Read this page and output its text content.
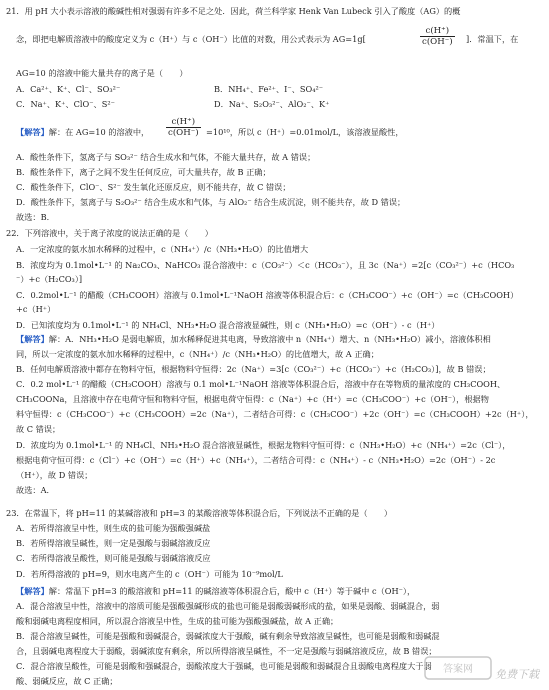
21．用 pH 大小表示溶液的酸碱性相对强弱有许多不足之处．因此，荷兰科学家 Henk Van Lubeck 引入了酸度（AG）的概
念，即把电解质溶液中的酸度定义为 c（H⁺）与 c（OH⁻）比值的对数，用公式表示为 AG=1g[	$\frac{c(H^+)}{c(OH^-)}$ ]．常温下，在
AG=10 的溶液中能大量共存的离子是（　　）
A．Ca²⁺、K⁺、Cl⁻、SO₃²⁻	B．NH₄⁺、Fe²⁺、I⁻、SO₄²⁻
C．Na⁺、K⁺、ClO⁻、S²⁻	D．Na⁺、S₂O₃²⁻、AlO₂⁻、K⁺
【解答】解：在 AG=10 的溶液中， $\frac{c(H^+)}{c(OH^-)} =10^{10}$，所以 c（H⁺）=0.01mol/L，该溶液显酸性，
A．酸性条件下，氢离子与 SO₃²⁻ 结合生成水和气体，不能大量共存，故 A 错误；
B．酸性条件下，离子之间不发生任何反应，可大量共存，故 B 正确；
C．酸性条件下，ClO⁻、S²⁻ 发生氧化还原反应，则不能共存，故 C 错误；
D．酸性条件下，氢离子与 S₂O₃²⁻ 结合生成水和气体，与 AlO₂⁻ 结合生成沉淀，则不能共存，故 D 错误；
故选：B．
22．下列溶液中，关于离子浓度的说法正确的是（　　）
A．一定浓度的氨水加水稀释的过程中，c（NH₄⁺）/c（NH₃•H₂O）的比值增大
B．浓度均为 0.1mol•L⁻¹ 的 Na₂CO₃、NaHCO₃ 混合溶液中：c（CO₃²⁻）＜c（HCO₃⁻），且 3c（Na⁺）=2[c（CO₃²⁻）+c（HCO₃
⁻）+c（H₂CO₃）]
C．0.2mol•L⁻¹ 的醋酸（CH₃COOH）溶液与 0.1mol•L⁻¹NaOH 溶液等体积混合后：c（CH₃COO⁻）+c（OH⁻）=c（CH₃COOH）
+c（H⁺）
D．已知浓度均为 0.1mol•L⁻¹ 的 NH₄Cl、NH₃•H₂O 混合溶液显碱性，则 c（NH₃•H₂O）=c（OH⁻）- c（H⁺）
【解答】解：A．NH₃•H₂O 是弱电解质，加水稀释促进其电离，导致溶液中 n（NH₄⁺）增大、n（NH₃•H₂O）减小，溶液体积相
同，所以一定浓度的氨水加水稀释的过程中，c（NH₄⁺）/c（NH₃•H₂O）的比值增大，故 A 正确；
B．任何电解质溶液中都存在物料守恒，根据物料守恒得：2c（Na⁺）=3[c（CO₃²⁻）+c（HCO₃⁻）+c（H₂CO₃）]，故 B 错误；
C．0.2 mol•L⁻¹ 的醋酸（CH₃COOH）溶液与 0.1 mol•L⁻¹NaOH 溶液等体积混合后，溶液中存在等物质的量浓度的 CH₃COOH、
CH₃COONa，且溶液中存在电荷守恒和物料守恒，根据电荷守恒得：c（Na⁺）+c（H⁺）=c（CH₃COO⁻）+c（OH⁻），根据物
料守恒得：c（CH₃COO⁻）+c（CH₃COOH）=2c（Na⁺），二者结合可得：c（CH₃COO⁻）+2c（OH⁻）=c（CH₃COOH）+2c（H⁺），
故 C 错误；
D．浓度均为 0.1mol•L⁻¹ 的 NH₄Cl、NH₃•H₂O 混合溶液显碱性，根据龙物料守恒可得：c（NH₃•H₂O）+c（NH₄⁺）=2c（Cl⁻），
根据电荷守恒可得：c（Cl⁻）+c（OH⁻）=c（H⁺）+c（NH₄⁺），二者结合可得：c（NH₄⁺）- c（NH₃•H₂O）=2c（OH⁻）- 2c
（H⁺），故 D 错误；
故选：A．
23．在常温下，将 pH=11 的某碱溶液和 pH=3 的某酸溶液等体积混合后，下列说法不正确的是（　　）
A．若所得溶液呈中性，则生成的盐可能为强酸强碱盐
B．若所得溶液呈碱性，则一定是强酸与弱碱溶液反应
C．若所得溶液呈酸性，则可能是强酸与弱碱溶液反应
D．若所得溶液的 pH=9，则水电离产生的 c（OH⁻）可能为 10⁻⁹mol/L
【解答】解：常温下 pH=3 的酸溶液和 pH=11 的碱溶液等体积混合后，酸中 c（H⁺）等于碱中 c（OH⁻），
A．混合溶液呈中性，溶液中的溶质可能是强酸强碱形成的盐也可能是弱酸弱碱形成的盐，如果是弱酸、弱碱混合，弱
酸和弱碱电离程度相同，所以混合溶液呈中性，生成的盐可能为强酸强碱盐，故 A 正确；
B．混合溶液呈碱性，可能是强酸和弱碱混合，弱碱浓度大于强酸，碱有剩余导致溶液呈碱性，也可能是弱酸和弱碱混
合，且弱碱电离程度大于弱酸，弱碱浓度有剩余，所以所得溶液呈碱性，不一定是强酸与弱碱溶液反应，故 B 错误；
C．混合溶液呈酸性，可能是弱酸和强碱混合，弱酸浓度大于强碱，也可能是弱酸和弱碱混合且弱酸电离程度大于弱
酸、弱碱反应，故 C 正确；
答案网 免费下载
